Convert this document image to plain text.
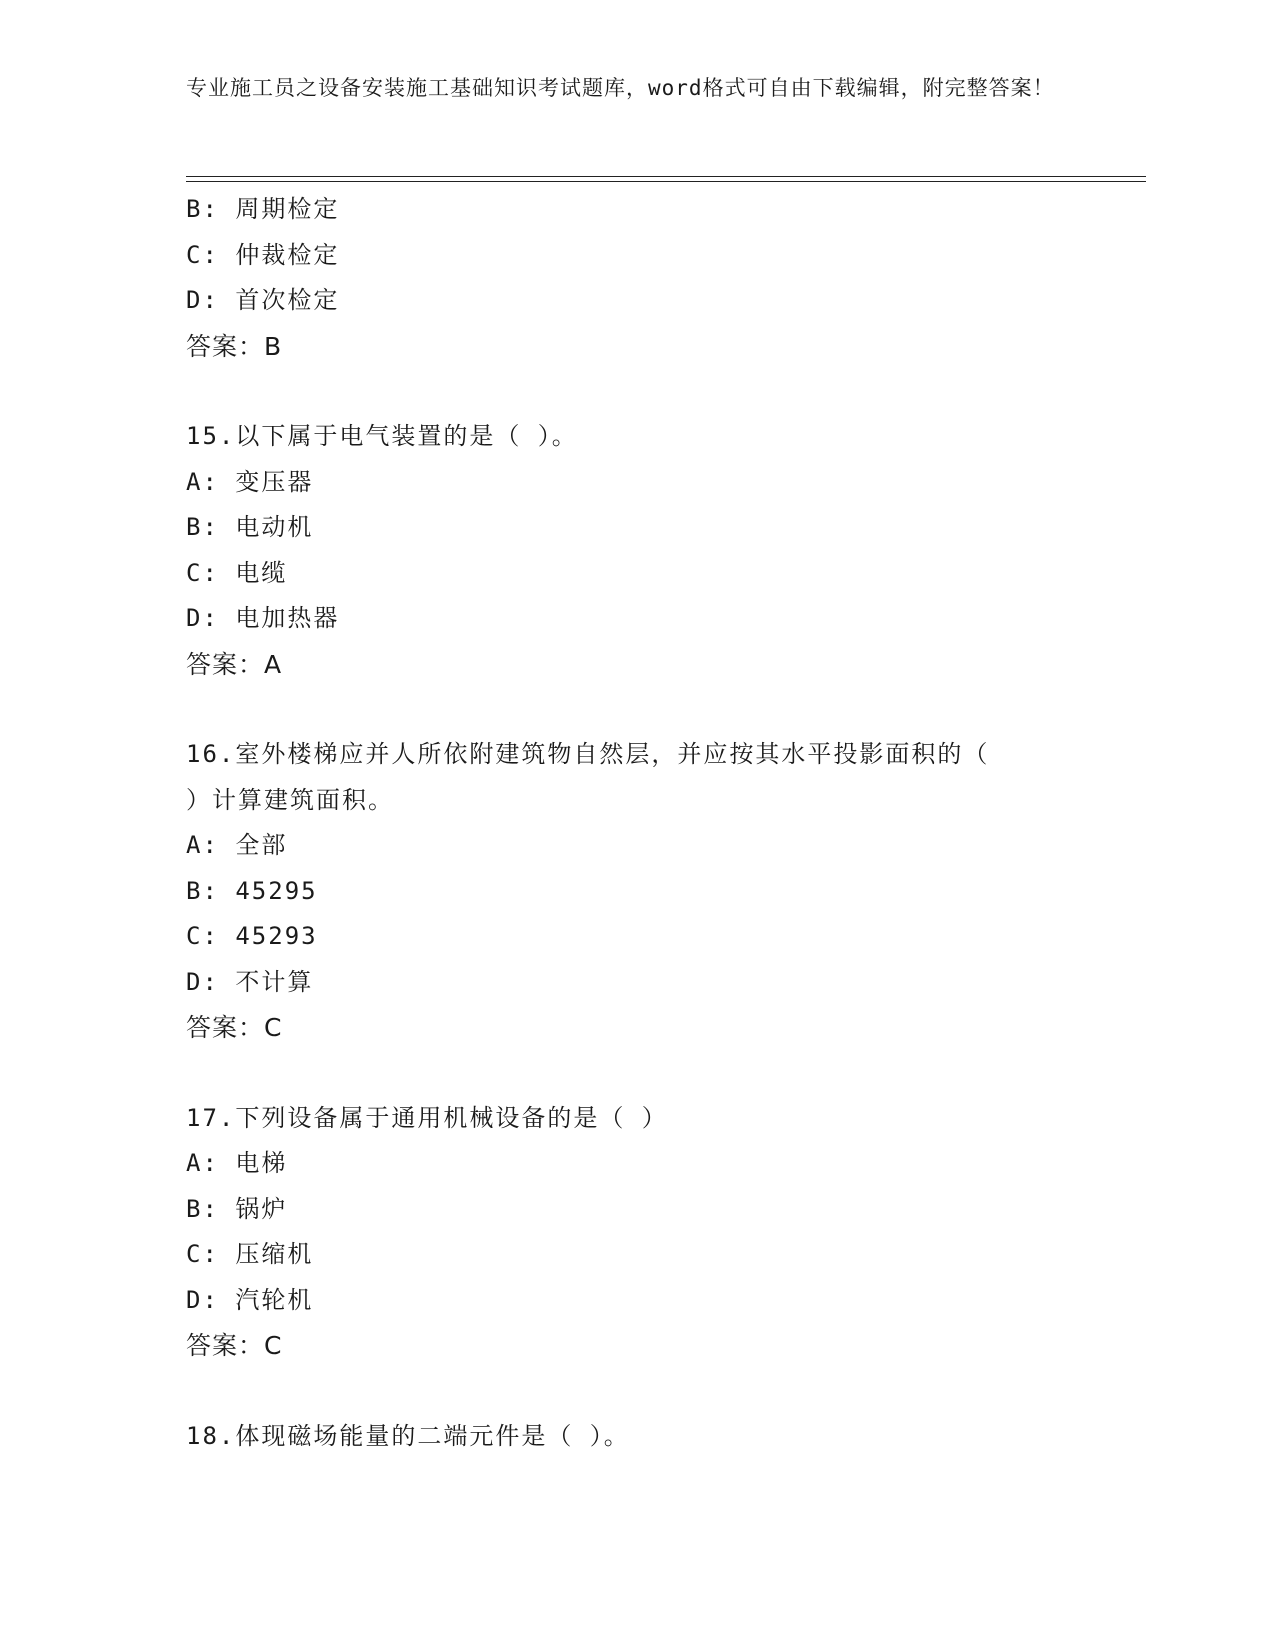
专业施工员之设备安装施工基础知识考试题库，word格式可自由下载编辑，附完整答案！
B: 周期检定
C: 仲裁检定
D: 首次检定
答案：B
15.以下属于电气装置的是（ ）。
A: 变压器
B: 电动机
C: 电缆
D: 电加热器
答案：A
16.室外楼梯应并人所依附建筑物自然层，并应按其水平投影面积的（
）计算建筑面积。
A: 全部
B: 45295
C: 45293
D: 不计算
答案：C
17.下列设备属于通用机械设备的是（ ）
A: 电梯
B: 锅炉
C: 压缩机
D: 汽轮机
答案：C
18.体现磁场能量的二端元件是（ ）。
